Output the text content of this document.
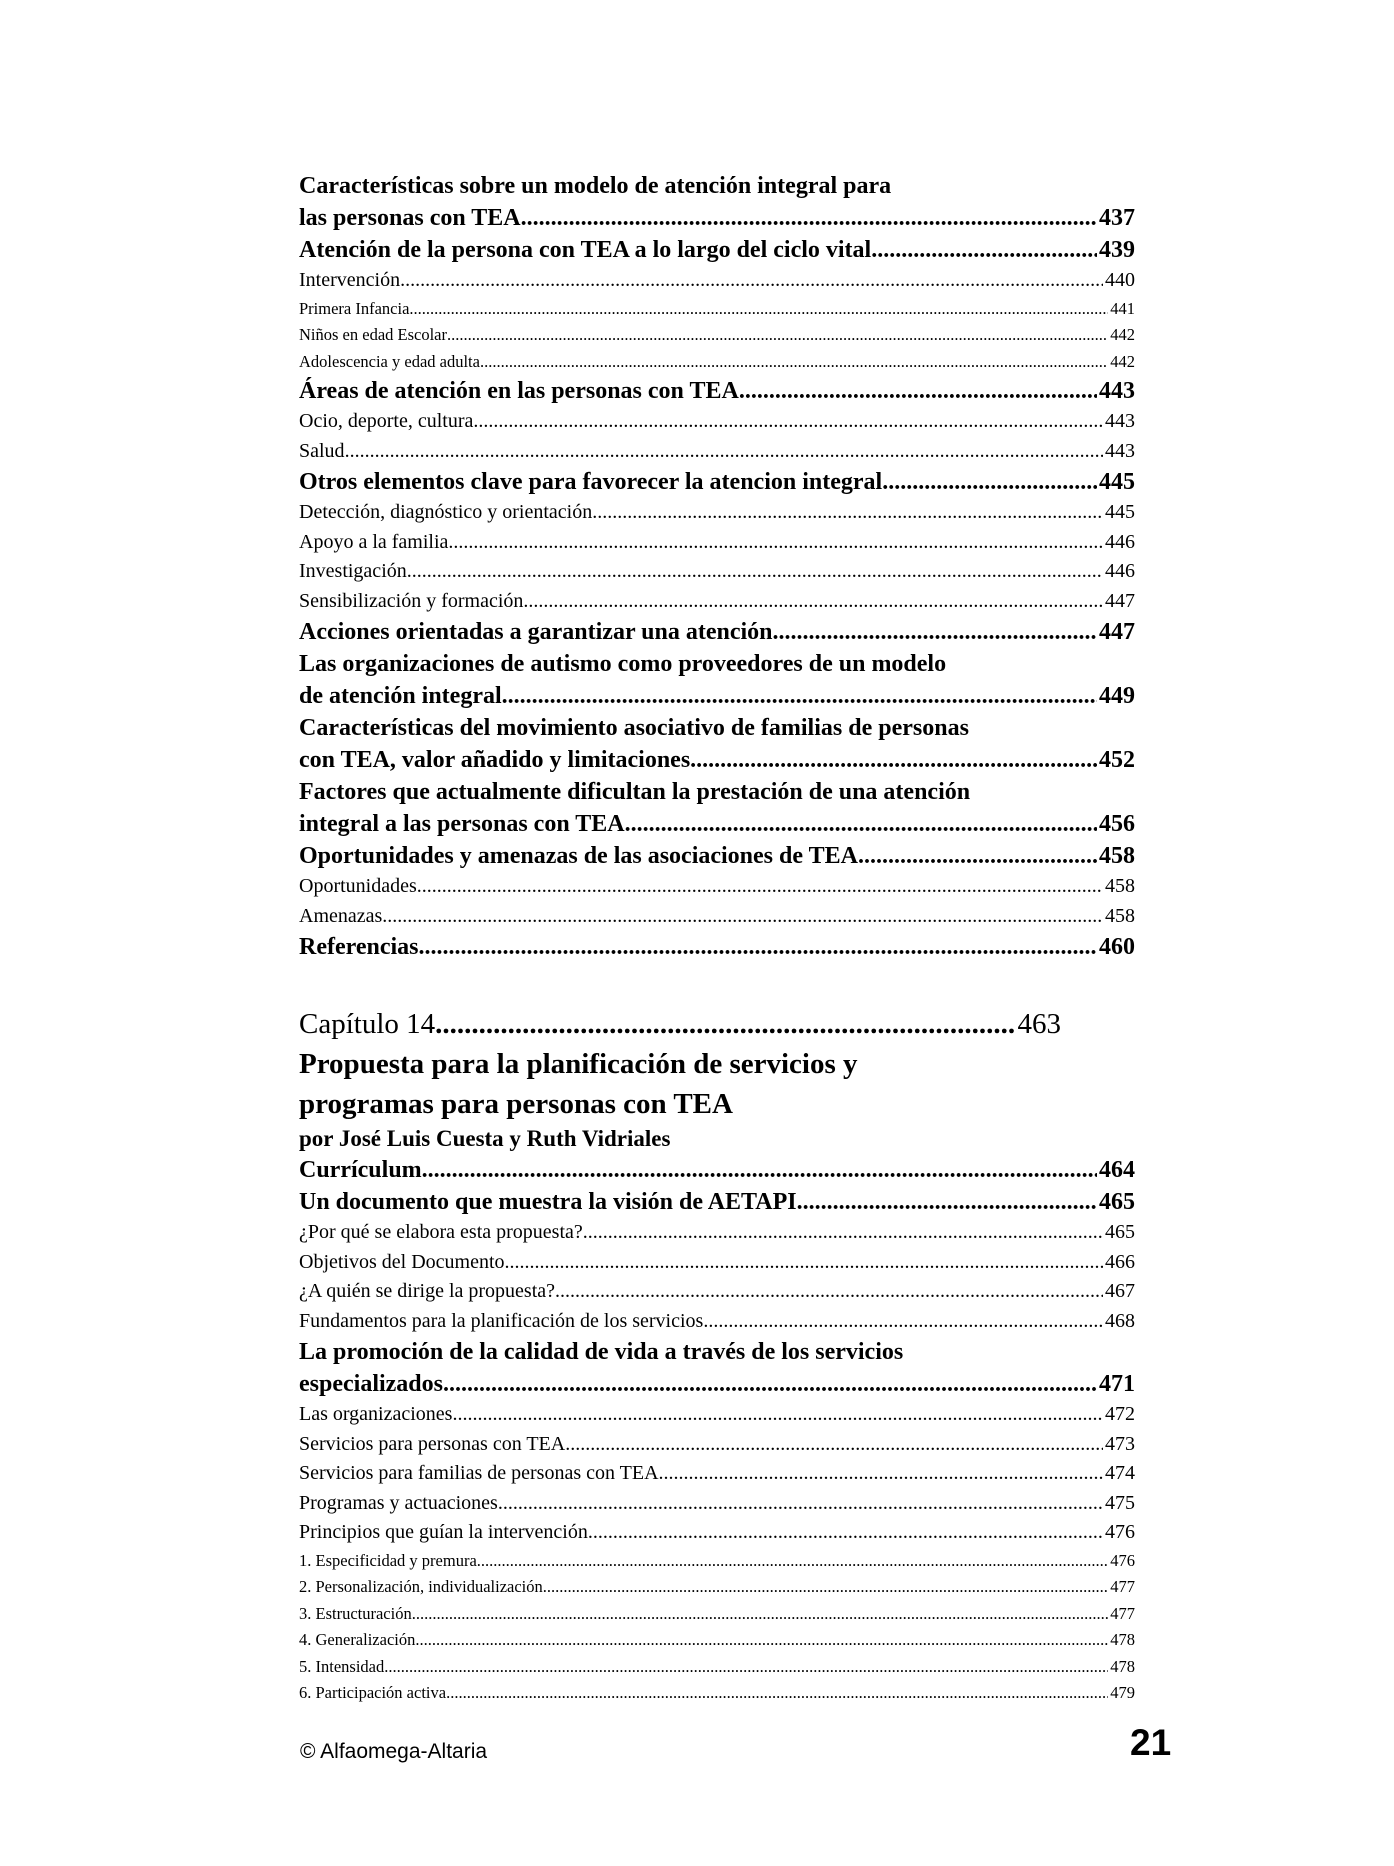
Características sobre un modelo de atención integral para
las personas con TEA .....	437
Atención de la persona con TEA a lo largo del ciclo vital .....	439
Intervención .....	440
Primera Infancia .....	441
Niños en edad Escolar .....	442
Adolescencia y edad adulta .....	442
Áreas de atención en las personas con TEA .....	443
Ocio, deporte, cultura .....	443
Salud .....	443
Otros elementos clave para favorecer la atencion integral .....	445
Detección, diagnóstico y orientación .....	445
Apoyo a la familia .....	446
Investigación .....	446
Sensibilización y formación .....	447
Acciones orientadas a garantizar una atención .....	447
Las organizaciones de autismo como proveedores de un modelo
de atención integral .....	449
Características del movimiento asociativo de familias de personas
con TEA, valor añadido y limitaciones .....	452
Factores que actualmente dificultan la prestación de una atención
integral a las personas con TEA .....	456
Oportunidades y amenazas de las asociaciones de TEA .....	458
Oportunidades .....	458
Amenazas .....	458
Referencias .....	460
Capítulo 14 .....	463
Propuesta para la planificación de servicios y
programas para personas con TEA
por José Luis Cuesta y Ruth Vidriales
Currículum .....	464
Un documento que muestra la visión de AETAPI .....	465
¿Por qué se elabora esta propuesta? .....	465
Objetivos del Documento .....	466
¿A quién se dirige la propuesta? .....	467
Fundamentos para la planificación de los servicios .....	468
La promoción de la calidad de vida a través de los servicios
especializados .....	471
Las organizaciones .....	472
Servicios para personas con TEA .....	473
Servicios para familias de personas con TEA .....	474
Programas y actuaciones .....	475
Principios que guían la intervención .....	476
1. Especificidad y premura .....	476
2. Personalización, individualización .....	477
3. Estructuración .....	477
4. Generalización .....	478
5. Intensidad .....	478
6. Participación activa .....	479
© Alfaomega-Altaria	21
